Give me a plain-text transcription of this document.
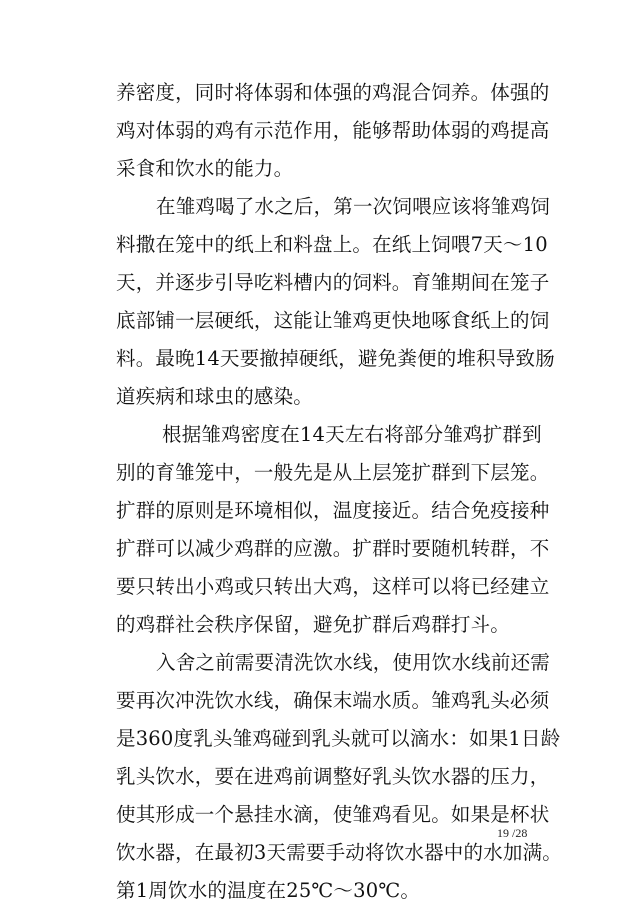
养密度，同时将体弱和体强的鸡混合饲养。体强的
鸡对体弱的鸡有示范作用，能够帮助体弱的鸡提高
采食和饮水的能力。
在雏鸡喝了水之后，第一次饲喂应该将雏鸡饲
料撒在笼中的纸上和料盘上。在纸上饲喂7天～10
天，并逐步引导吃料槽内的饲料。育雏期间在笼子
底部铺一层硬纸，这能让雏鸡更快地啄食纸上的饲
料。最晚14天要撤掉硬纸，避免粪便的堆积导致肠
道疾病和球虫的感染。
根据雏鸡密度在14天左右将部分雏鸡扩群到
别的育雏笼中，一般先是从上层笼扩群到下层笼。
扩群的原则是环境相似，温度接近。结合免疫接种
扩群可以减少鸡群的应激。扩群时要随机转群，不
要只转出小鸡或只转出大鸡，这样可以将已经建立
的鸡群社会秩序保留，避免扩群后鸡群打斗。
入舍之前需要清洗饮水线，使用饮水线前还需
要再次冲洗饮水线，确保末端水质。雏鸡乳头必须
是360度乳头雏鸡碰到乳头就可以滴水：如果1日龄
乳头饮水，要在进鸡前调整好乳头饮水器的压力，
使其形成一个悬挂水滴，使雏鸡看见。如果是杯状
饮水器，在最初3天需要手动将饮水器中的水加满。
第1周饮水的温度在25℃～30℃。
19 /28
